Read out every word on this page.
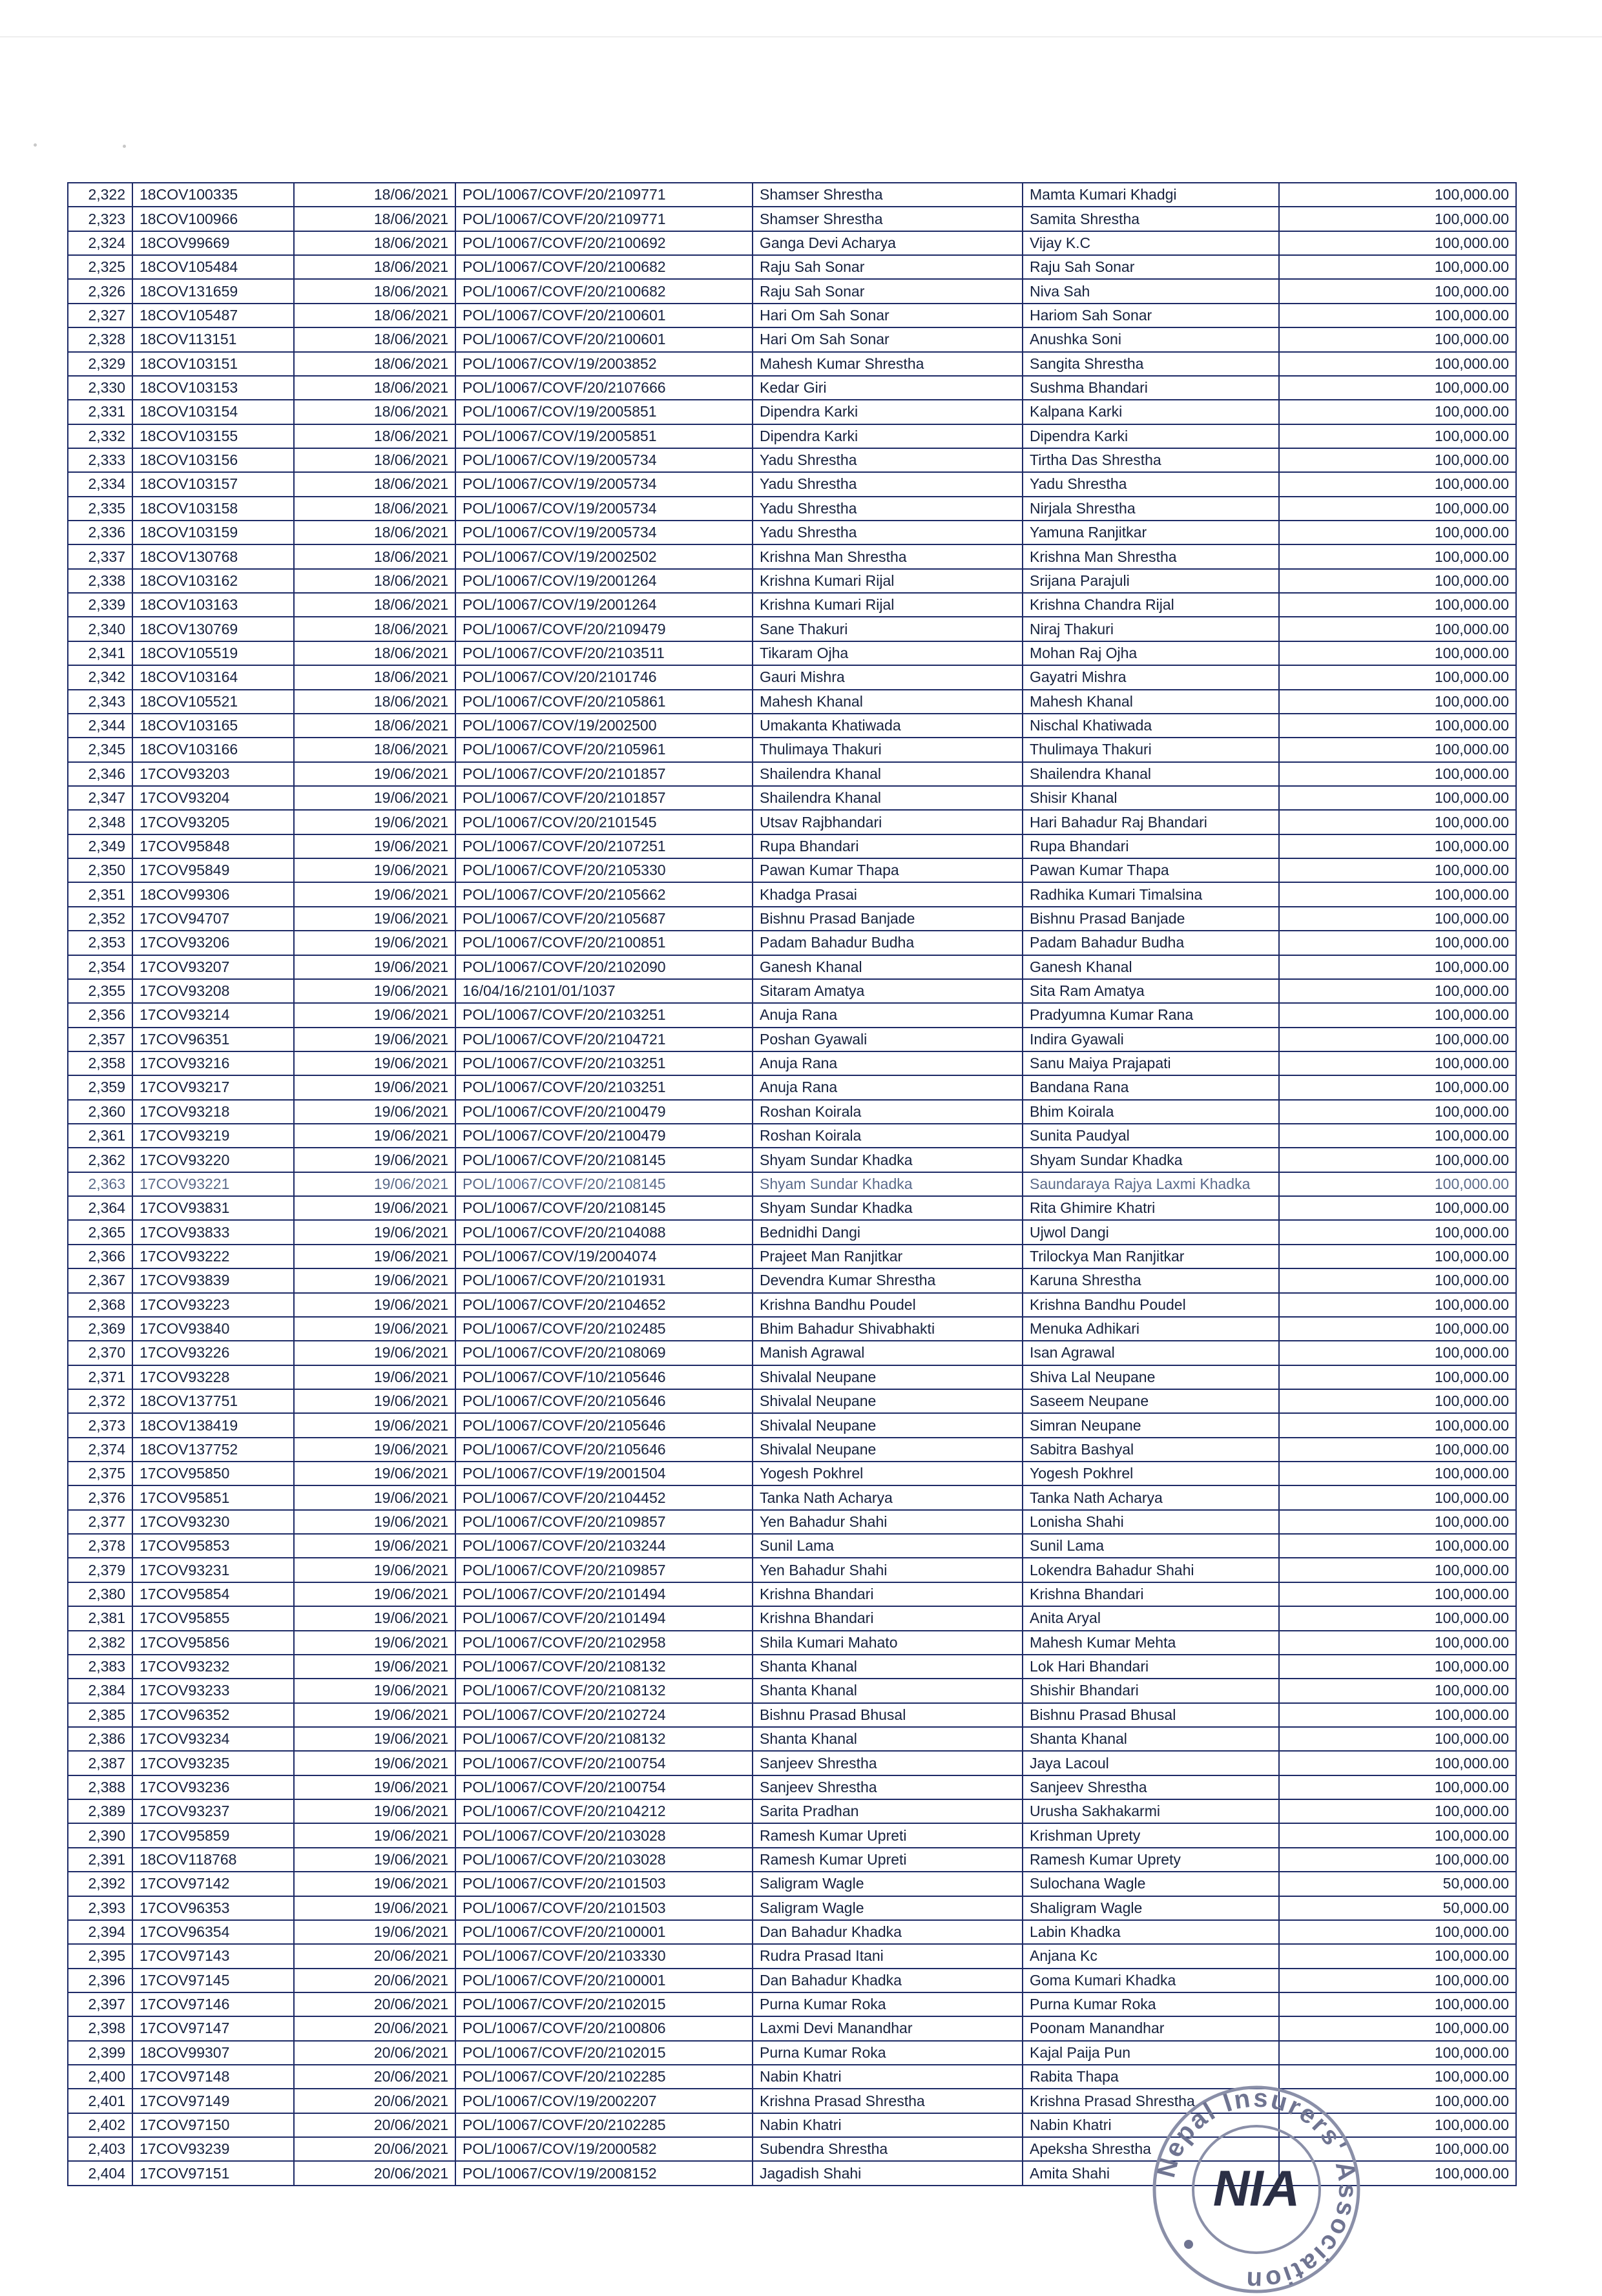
2,322	18COV100335	18/06/2021	POL/10067/COVF/20/2109771	Shamser Shrestha	Mamta Kumari Khadgi	100,000.00
2,323	18COV100966	18/06/2021	POL/10067/COVF/20/2109771	Shamser Shrestha	Samita Shrestha	100,000.00
2,324	18COV99669	18/06/2021	POL/10067/COVF/20/2100692	Ganga Devi Acharya	Vijay K.C	100,000.00
2,325	18COV105484	18/06/2021	POL/10067/COVF/20/2100682	Raju Sah Sonar	Raju Sah Sonar	100,000.00
2,326	18COV131659	18/06/2021	POL/10067/COVF/20/2100682	Raju Sah Sonar	Niva Sah	100,000.00
2,327	18COV105487	18/06/2021	POL/10067/COVF/20/2100601	Hari Om Sah Sonar	Hariom Sah Sonar	100,000.00
2,328	18COV113151	18/06/2021	POL/10067/COVF/20/2100601	Hari Om Sah Sonar	Anushka Soni	100,000.00
2,329	18COV103151	18/06/2021	POL/10067/COV/19/2003852	Mahesh Kumar Shrestha	Sangita Shrestha	100,000.00
2,330	18COV103153	18/06/2021	POL/10067/COVF/20/2107666	Kedar Giri	Sushma Bhandari	100,000.00
2,331	18COV103154	18/06/2021	POL/10067/COV/19/2005851	Dipendra Karki	Kalpana Karki	100,000.00
2,332	18COV103155	18/06/2021	POL/10067/COV/19/2005851	Dipendra Karki	Dipendra Karki	100,000.00
2,333	18COV103156	18/06/2021	POL/10067/COV/19/2005734	Yadu Shrestha	Tirtha Das Shrestha	100,000.00
2,334	18COV103157	18/06/2021	POL/10067/COV/19/2005734	Yadu Shrestha	Yadu Shrestha	100,000.00
2,335	18COV103158	18/06/2021	POL/10067/COV/19/2005734	Yadu Shrestha	Nirjala Shrestha	100,000.00
2,336	18COV103159	18/06/2021	POL/10067/COV/19/2005734	Yadu Shrestha	Yamuna Ranjitkar	100,000.00
2,337	18COV130768	18/06/2021	POL/10067/COV/19/2002502	Krishna Man Shrestha	Krishna Man Shrestha	100,000.00
2,338	18COV103162	18/06/2021	POL/10067/COV/19/2001264	Krishna Kumari Rijal	Srijana Parajuli	100,000.00
2,339	18COV103163	18/06/2021	POL/10067/COV/19/2001264	Krishna Kumari Rijal	Krishna Chandra Rijal	100,000.00
2,340	18COV130769	18/06/2021	POL/10067/COVF/20/2109479	Sane Thakuri	Niraj Thakuri	100,000.00
2,341	18COV105519	18/06/2021	POL/10067/COVF/20/2103511	Tikaram Ojha	Mohan Raj Ojha	100,000.00
2,342	18COV103164	18/06/2021	POL/10067/COV/20/2101746	Gauri Mishra	Gayatri Mishra	100,000.00
2,343	18COV105521	18/06/2021	POL/10067/COVF/20/2105861	Mahesh Khanal	Mahesh Khanal	100,000.00
2,344	18COV103165	18/06/2021	POL/10067/COV/19/2002500	Umakanta Khatiwada	Nischal Khatiwada	100,000.00
2,345	18COV103166	18/06/2021	POL/10067/COVF/20/2105961	Thulimaya Thakuri	Thulimaya Thakuri	100,000.00
2,346	17COV93203	19/06/2021	POL/10067/COVF/20/2101857	Shailendra Khanal	Shailendra Khanal	100,000.00
2,347	17COV93204	19/06/2021	POL/10067/COVF/20/2101857	Shailendra Khanal	Shisir Khanal	100,000.00
2,348	17COV93205	19/06/2021	POL/10067/COV/20/2101545	Utsav Rajbhandari	Hari Bahadur Raj Bhandari	100,000.00
2,349	17COV95848	19/06/2021	POL/10067/COVF/20/2107251	Rupa Bhandari	Rupa Bhandari	100,000.00
2,350	17COV95849	19/06/2021	POL/10067/COVF/20/2105330	Pawan Kumar Thapa	Pawan Kumar Thapa	100,000.00
2,351	18COV99306	19/06/2021	POL/10067/COVF/20/2105662	Khadga Prasai	Radhika Kumari Timalsina	100,000.00
2,352	17COV94707	19/06/2021	POL/10067/COVF/20/2105687	Bishnu Prasad Banjade	Bishnu Prasad Banjade	100,000.00
2,353	17COV93206	19/06/2021	POL/10067/COVF/20/2100851	Padam Bahadur Budha	Padam Bahadur Budha	100,000.00
2,354	17COV93207	19/06/2021	POL/10067/COVF/20/2102090	Ganesh Khanal	Ganesh Khanal	100,000.00
2,355	17COV93208	19/06/2021	16/04/16/2101/01/1037	Sitaram Amatya	Sita Ram Amatya	100,000.00
2,356	17COV93214	19/06/2021	POL/10067/COVF/20/2103251	Anuja Rana	Pradyumna Kumar Rana	100,000.00
2,357	17COV96351	19/06/2021	POL/10067/COVF/20/2104721	Poshan Gyawali	Indira Gyawali	100,000.00
2,358	17COV93216	19/06/2021	POL/10067/COVF/20/2103251	Anuja Rana	Sanu Maiya Prajapati	100,000.00
2,359	17COV93217	19/06/2021	POL/10067/COVF/20/2103251	Anuja Rana	Bandana Rana	100,000.00
2,360	17COV93218	19/06/2021	POL/10067/COVF/20/2100479	Roshan Koirala	Bhim Koirala	100,000.00
2,361	17COV93219	19/06/2021	POL/10067/COVF/20/2100479	Roshan Koirala	Sunita Paudyal	100,000.00
2,362	17COV93220	19/06/2021	POL/10067/COVF/20/2108145	Shyam Sundar Khadka	Shyam Sundar Khadka	100,000.00
2,363	17COV93221	19/06/2021	POL/10067/COVF/20/2108145	Shyam Sundar Khadka	Saundaraya Rajya Laxmi Khadka	100,000.00
2,364	17COV93831	19/06/2021	POL/10067/COVF/20/2108145	Shyam Sundar Khadka	Rita Ghimire Khatri	100,000.00
2,365	17COV93833	19/06/2021	POL/10067/COVF/20/2104088	Bednidhi Dangi	Ujwol Dangi	100,000.00
2,366	17COV93222	19/06/2021	POL/10067/COV/19/2004074	Prajeet Man Ranjitkar	Trilockya Man Ranjitkar	100,000.00
2,367	17COV93839	19/06/2021	POL/10067/COVF/20/2101931	Devendra Kumar Shrestha	Karuna Shrestha	100,000.00
2,368	17COV93223	19/06/2021	POL/10067/COVF/20/2104652	Krishna Bandhu Poudel	Krishna Bandhu Poudel	100,000.00
2,369	17COV93840	19/06/2021	POL/10067/COVF/20/2102485	Bhim Bahadur Shivabhakti	Menuka Adhikari	100,000.00
2,370	17COV93226	19/06/2021	POL/10067/COVF/20/2108069	Manish Agrawal	Isan Agrawal	100,000.00
2,371	17COV93228	19/06/2021	POL/10067/COVF/10/2105646	Shivalal Neupane	Shiva Lal Neupane	100,000.00
2,372	18COV137751	19/06/2021	POL/10067/COVF/20/2105646	Shivalal Neupane	Saseem Neupane	100,000.00
2,373	18COV138419	19/06/2021	POL/10067/COVF/20/2105646	Shivalal Neupane	Simran Neupane	100,000.00
2,374	18COV137752	19/06/2021	POL/10067/COVF/20/2105646	Shivalal Neupane	Sabitra Bashyal	100,000.00
2,375	17COV95850	19/06/2021	POL/10067/COVF/19/2001504	Yogesh Pokhrel	Yogesh Pokhrel	100,000.00
2,376	17COV95851	19/06/2021	POL/10067/COVF/20/2104452	Tanka Nath Acharya	Tanka Nath Acharya	100,000.00
2,377	17COV93230	19/06/2021	POL/10067/COVF/20/2109857	Yen Bahadur Shahi	Lonisha Shahi	100,000.00
2,378	17COV95853	19/06/2021	POL/10067/COVF/20/2103244	Sunil Lama	Sunil Lama	100,000.00
2,379	17COV93231	19/06/2021	POL/10067/COVF/20/2109857	Yen Bahadur Shahi	Lokendra Bahadur Shahi	100,000.00
2,380	17COV95854	19/06/2021	POL/10067/COVF/20/2101494	Krishna Bhandari	Krishna Bhandari	100,000.00
2,381	17COV95855	19/06/2021	POL/10067/COVF/20/2101494	Krishna Bhandari	Anita Aryal	100,000.00
2,382	17COV95856	19/06/2021	POL/10067/COVF/20/2102958	Shila Kumari Mahato	Mahesh Kumar Mehta	100,000.00
2,383	17COV93232	19/06/2021	POL/10067/COVF/20/2108132	Shanta Khanal	Lok Hari Bhandari	100,000.00
2,384	17COV93233	19/06/2021	POL/10067/COVF/20/2108132	Shanta Khanal	Shishir Bhandari	100,000.00
2,385	17COV96352	19/06/2021	POL/10067/COVF/20/2102724	Bishnu Prasad Bhusal	Bishnu Prasad Bhusal	100,000.00
2,386	17COV93234	19/06/2021	POL/10067/COVF/20/2108132	Shanta Khanal	Shanta Khanal	100,000.00
2,387	17COV93235	19/06/2021	POL/10067/COVF/20/2100754	Sanjeev Shrestha	Jaya Lacoul	100,000.00
2,388	17COV93236	19/06/2021	POL/10067/COVF/20/2100754	Sanjeev Shrestha	Sanjeev Shrestha	100,000.00
2,389	17COV93237	19/06/2021	POL/10067/COVF/20/2104212	Sarita Pradhan	Urusha Sakhakarmi	100,000.00
2,390	17COV95859	19/06/2021	POL/10067/COVF/20/2103028	Ramesh Kumar Upreti	Krishman Uprety	100,000.00
2,391	18COV118768	19/06/2021	POL/10067/COVF/20/2103028	Ramesh Kumar Upreti	Ramesh Kumar Uprety	100,000.00
2,392	17COV97142	19/06/2021	POL/10067/COVF/20/2101503	Saligram Wagle	Sulochana Wagle	50,000.00
2,393	17COV96353	19/06/2021	POL/10067/COVF/20/2101503	Saligram Wagle	Shaligram Wagle	50,000.00
2,394	17COV96354	19/06/2021	POL/10067/COVF/20/2100001	Dan Bahadur Khadka	Labin Khadka	100,000.00
2,395	17COV97143	20/06/2021	POL/10067/COVF/20/2103330	Rudra Prasad Itani	Anjana Kc	100,000.00
2,396	17COV97145	20/06/2021	POL/10067/COVF/20/2100001	Dan Bahadur Khadka	Goma Kumari Khadka	100,000.00
2,397	17COV97146	20/06/2021	POL/10067/COVF/20/2102015	Purna Kumar Roka	Purna Kumar Roka	100,000.00
2,398	17COV97147	20/06/2021	POL/10067/COVF/20/2100806	Laxmi Devi Manandhar	Poonam Manandhar	100,000.00
2,399	18COV99307	20/06/2021	POL/10067/COVF/20/2102015	Purna Kumar Roka	Kajal Paija Pun	100,000.00
2,400	17COV97148	20/06/2021	POL/10067/COVF/20/2102285	Nabin Khatri	Rabita Thapa	100,000.00
2,401	17COV97149	20/06/2021	POL/10067/COV/19/2002207	Krishna Prasad Shrestha	Krishna Prasad Shrestha	100,000.00
2,402	17COV97150	20/06/2021	POL/10067/COVF/20/2102285	Nabin Khatri	Nabin Khatri	100,000.00
2,403	17COV93239	20/06/2021	POL/10067/COV/19/2000582	Subendra Shrestha	Apeksha Shrestha	100,000.00
2,404	17COV97151	20/06/2021	POL/10067/COV/19/2008152	Jagadish Shahi	Amita Shahi	100,000.00
Nepal Insurers' Association
NIA
